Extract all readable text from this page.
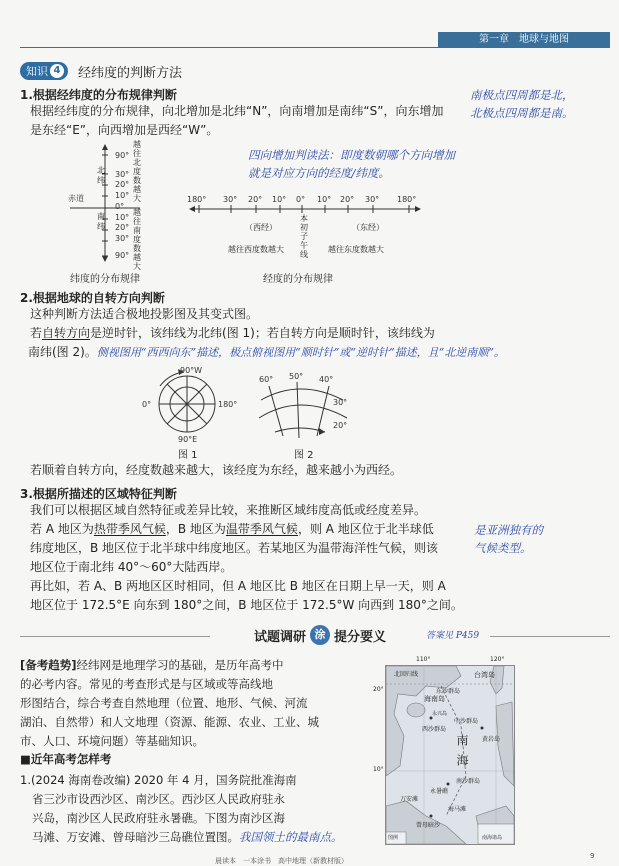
第一章　地球与地图
知识 4 经纬度的判断方法
南极点四周都是北，
北极点四周都是南。
1.根据经纬度的分布规律判断
根据经纬度的分布规律，向北增加是北纬“N”，向南增加是南纬“S”，向东增加
是东经“E”，向西增加是西经“W”。
四向增加判读法：即度数朝哪个方向增加
就是对应方向的经度/纬度。
90°
30°
20°
10°
0°
10°
20°
30°
90°
赤道
北纬
南纬
越往北度数越大
越往南度数越大
纬度的分布规律
180° 30° 20° 10° 0° 10° 20° 30° 180°
（西经）	（东经）
本初子午线
越往西度数越大	越往东度数越大
经度的分布规律
2.根据地球的自转方向判断
这种判断方法适合极地投影图及其变式图。
若自转方向是逆时针，该纬线为北纬(图 1)；若自转方向是顺时针，该纬线为
南纬(图 2)。侧视图用“西西向东”描述，极点俯视图用“顺时针”或“逆时针”描述，且“北逆南顺”。
90°W
0°	180°
90°E
图 1
60° 50° 40°
30°
20°
图 2
若顺着自转方向，经度数越来越大，该经度为东经，越来越小为西经。
3.根据所描述的区域特征判断
我们可以根据区域自然特征或差异比较，来推断区域纬度高低或经度差异。
若 A 地区为热带季风气候，B 地区为温带季风气候，则 A 地区位于北半球低
纬度地区，B 地区位于北半球中纬度地区。若某地区为温带海洋性气候，则该
地区位于南北纬 40°～60°大陆西岸。
再比如，若 A、B 两地区区时相同，但 A 地区比 B 地区在日期上早一天，则 A
地区位于 172.5°E 向东到 180°之间，B 地区位于 172.5°W 向西到 180°之间。
是亚洲独有的
气候类型。
试题调研 涂 提分要义	答案见 P459
[备考趋势]经纬网是地理学习的基础，是历年高考中
的必考内容。常见的考查形式是与区域或等高线地
形图结合，综合考查自然地理（位置、地形、气候、河流
湖泊、自然带）和人文地理（资源、能源、农业、工业、城
市、人口、环境问题）等基础知识。
■近年高考怎样考
1.(2024 海南卷改编) 2020 年 4 月，国务院批准海南
省三沙市设西沙区、南沙区。西沙区人民政府驻永
兴岛，南沙区人民政府驻永暑礁。下图为南沙区海
马滩、万安滩、曾母暗沙三岛礁位置图。我国领土的最南点。
110°	120°
20°
10°
北回归线	台湾岛
海南岛
东沙群岛
西沙群岛
中沙群岛
南海	黄岩岛
永兴岛
南沙群岛
永暑礁
海马滩
万安滩
曾母暗沙
图例	南海诸岛
晨读本　一本涂书　高中地理（新教材版）
9
